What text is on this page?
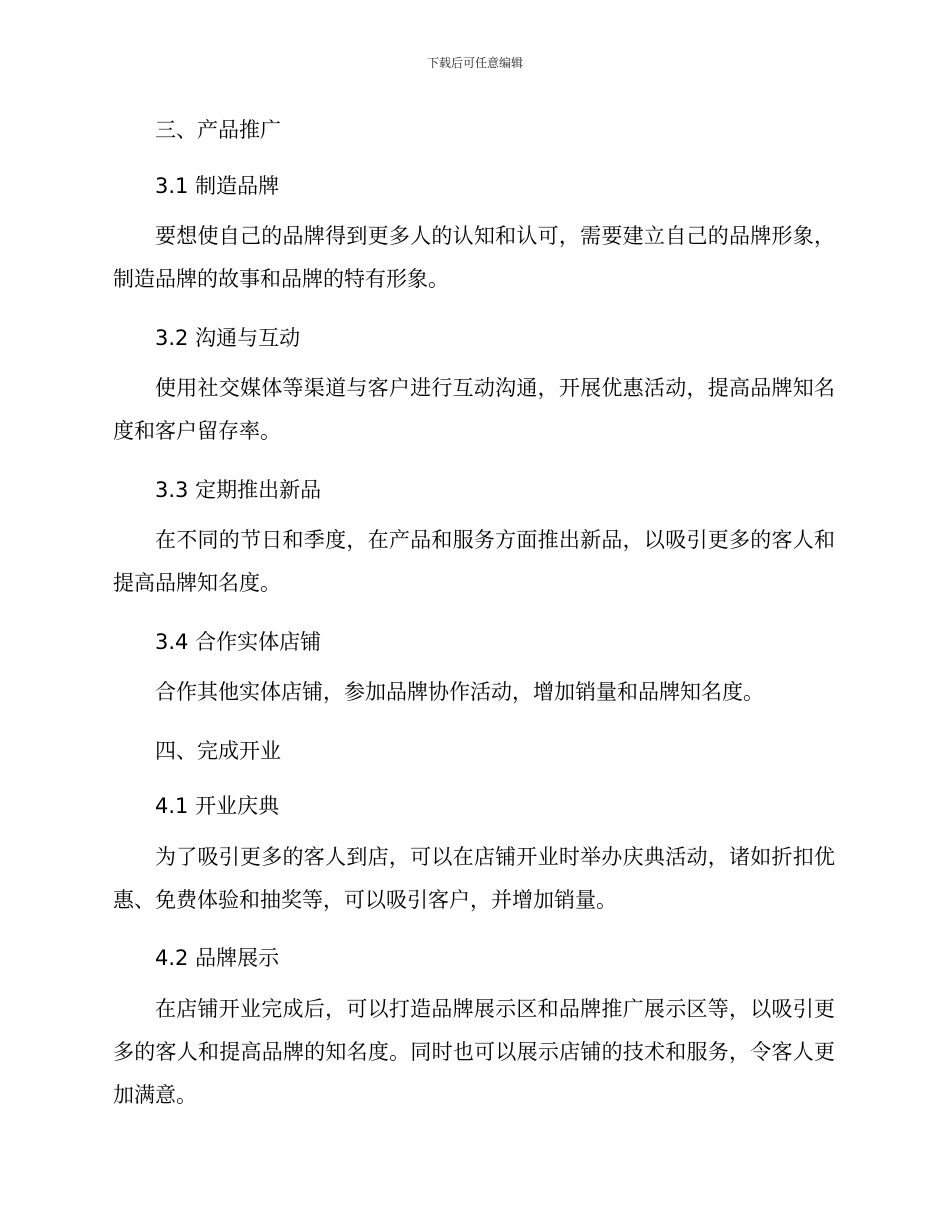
下载后可任意编辑
三、产品推广
3.1 制造品牌

要想使自己的品牌得到更多人的认知和认可，需要建立自己的品牌形象，制造品牌的故事和品牌的特有形象。

3.2 沟通与互动

使用社交媒体等渠道与客户进行互动沟通，开展优惠活动，提高品牌知名度和客户留存率。

3.3 定期推出新品

在不同的节日和季度，在产品和服务方面推出新品，以吸引更多的客人和提高品牌知名度。

3.4 合作实体店铺

合作其他实体店铺，参加品牌协作活动，增加销量和品牌知名度。

四、完成开业
4.1 开业庆典

为了吸引更多的客人到店，可以在店铺开业时举办庆典活动，诸如折扣优惠、免费体验和抽奖等，可以吸引客户，并增加销量。

4.2 品牌展示

在店铺开业完成后，可以打造品牌展示区和品牌推广展示区等，以吸引更多的客人和提高品牌的知名度。同时也可以展示店铺的技术和服务，令客人更加满意。
